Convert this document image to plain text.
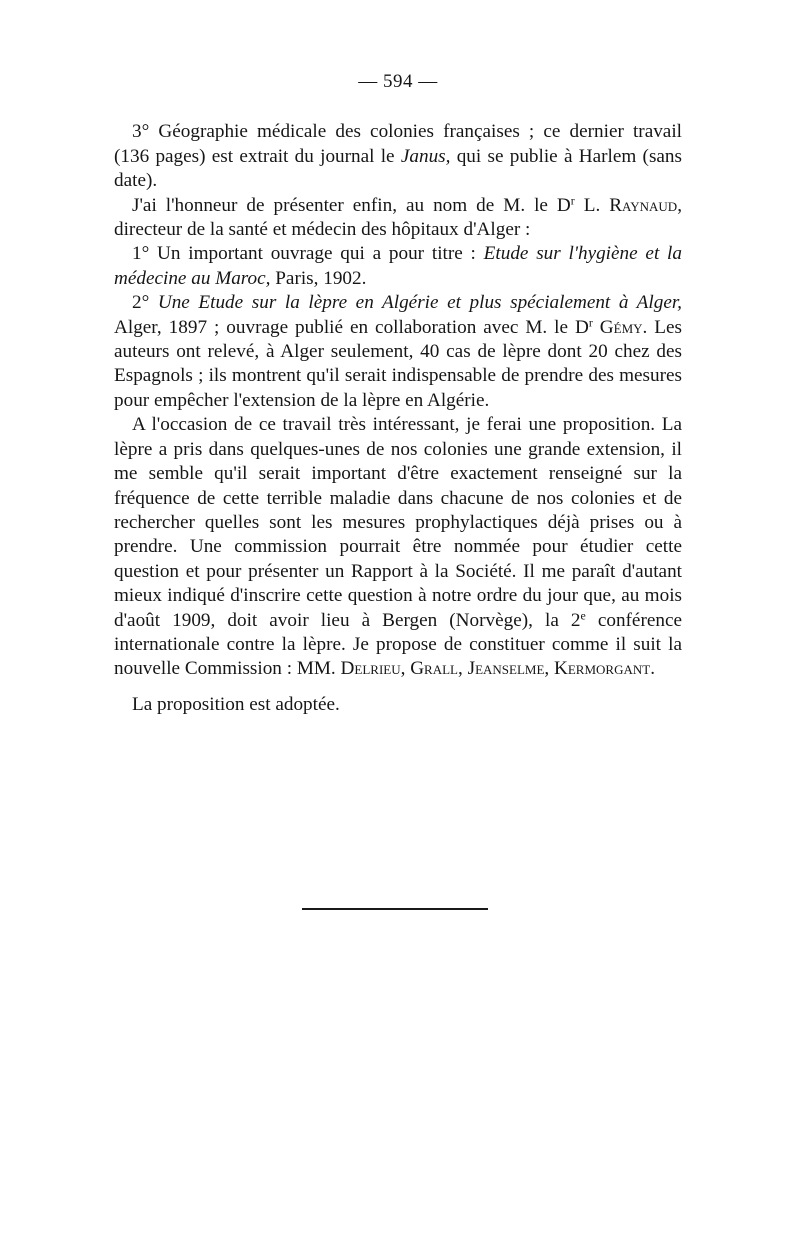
— 594 —

3° Géographie médicale des colonies françaises ; ce dernier travail (136 pages) est extrait du journal le Janus, qui se publie à Harlem (sans date).

J'ai l'honneur de présenter enfin, au nom de M. le $D^r$ L. Raynaud, directeur de la santé et médecin des hôpitaux d'Alger :

1° Un important ouvrage qui a pour titre : Etude sur l'hygiène et la médecine au Maroc, Paris, 1902.

2° Une Etude sur la lèpre en Algérie et plus spécialement à Alger, Alger, 1897 ; ouvrage publié en collaboration avec M. le $D^r$ Gémy. Les auteurs ont relevé, à Alger seulement, 40 cas de lèpre dont 20 chez des Espagnols ; ils montrent qu'il serait indispensable de prendre des mesures pour empêcher l'extension de la lèpre en Algérie.

A l'occasion de ce travail très intéressant, je ferai une proposition. La lèpre a pris dans quelques-unes de nos colonies une grande extension, il me semble qu'il serait important d'être exactement renseigné sur la fréquence de cette terrible maladie dans chacune de nos colonies et de rechercher quelles sont les mesures prophylactiques déjà prises ou à prendre. Une commission pourrait être nommée pour étudier cette question et pour présenter un Rapport à la Société. Il me paraît d'autant mieux indiqué d'inscrire cette question à notre ordre du jour que, au mois d'août 1909, doit avoir lieu à Bergen (Norvège), la 2e conférence internationale contre la lèpre. Je propose de constituer comme il suit la nouvelle Commission : MM. Delrieu, Grall, Jeanselme, Kermorgant.

La proposition est adoptée.
